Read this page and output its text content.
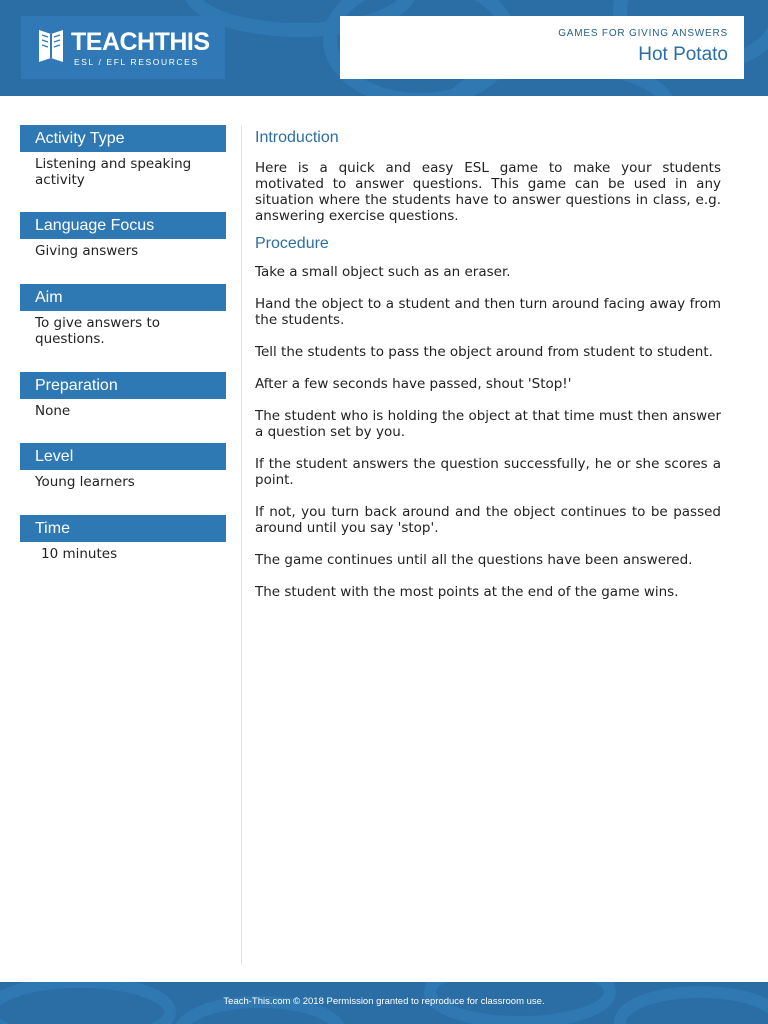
TEACHTHIS
ESL / EFL RESOURCES
GAMES FOR GIVING ANSWERS
Hot Potato
Activity Type
Listening and speaking activity
Language Focus
Giving answers
Aim
To give answers to questions.
Preparation
None
Level
Young learners
Time
10 minutes
Introduction
Here is a quick and easy ESL game to make your students motivated to answer questions. This game can be used in any situation where the students have to answer questions in class, e.g. answering exercise questions.
Procedure
Take a small object such as an eraser.
Hand the object to a student and then turn around facing away from the students.
Tell the students to pass the object around from student to student.
After a few seconds have passed, shout 'Stop!'
The student who is holding the object at that time must then answer a question set by you.
If the student answers the question successfully, he or she scores a point.
If not, you turn back around and the object continues to be passed around until you say 'stop'.
The game continues until all the questions have been answered.
The student with the most points at the end of the game wins.
Teach-This.com © 2018 Permission granted to reproduce for classroom use.
